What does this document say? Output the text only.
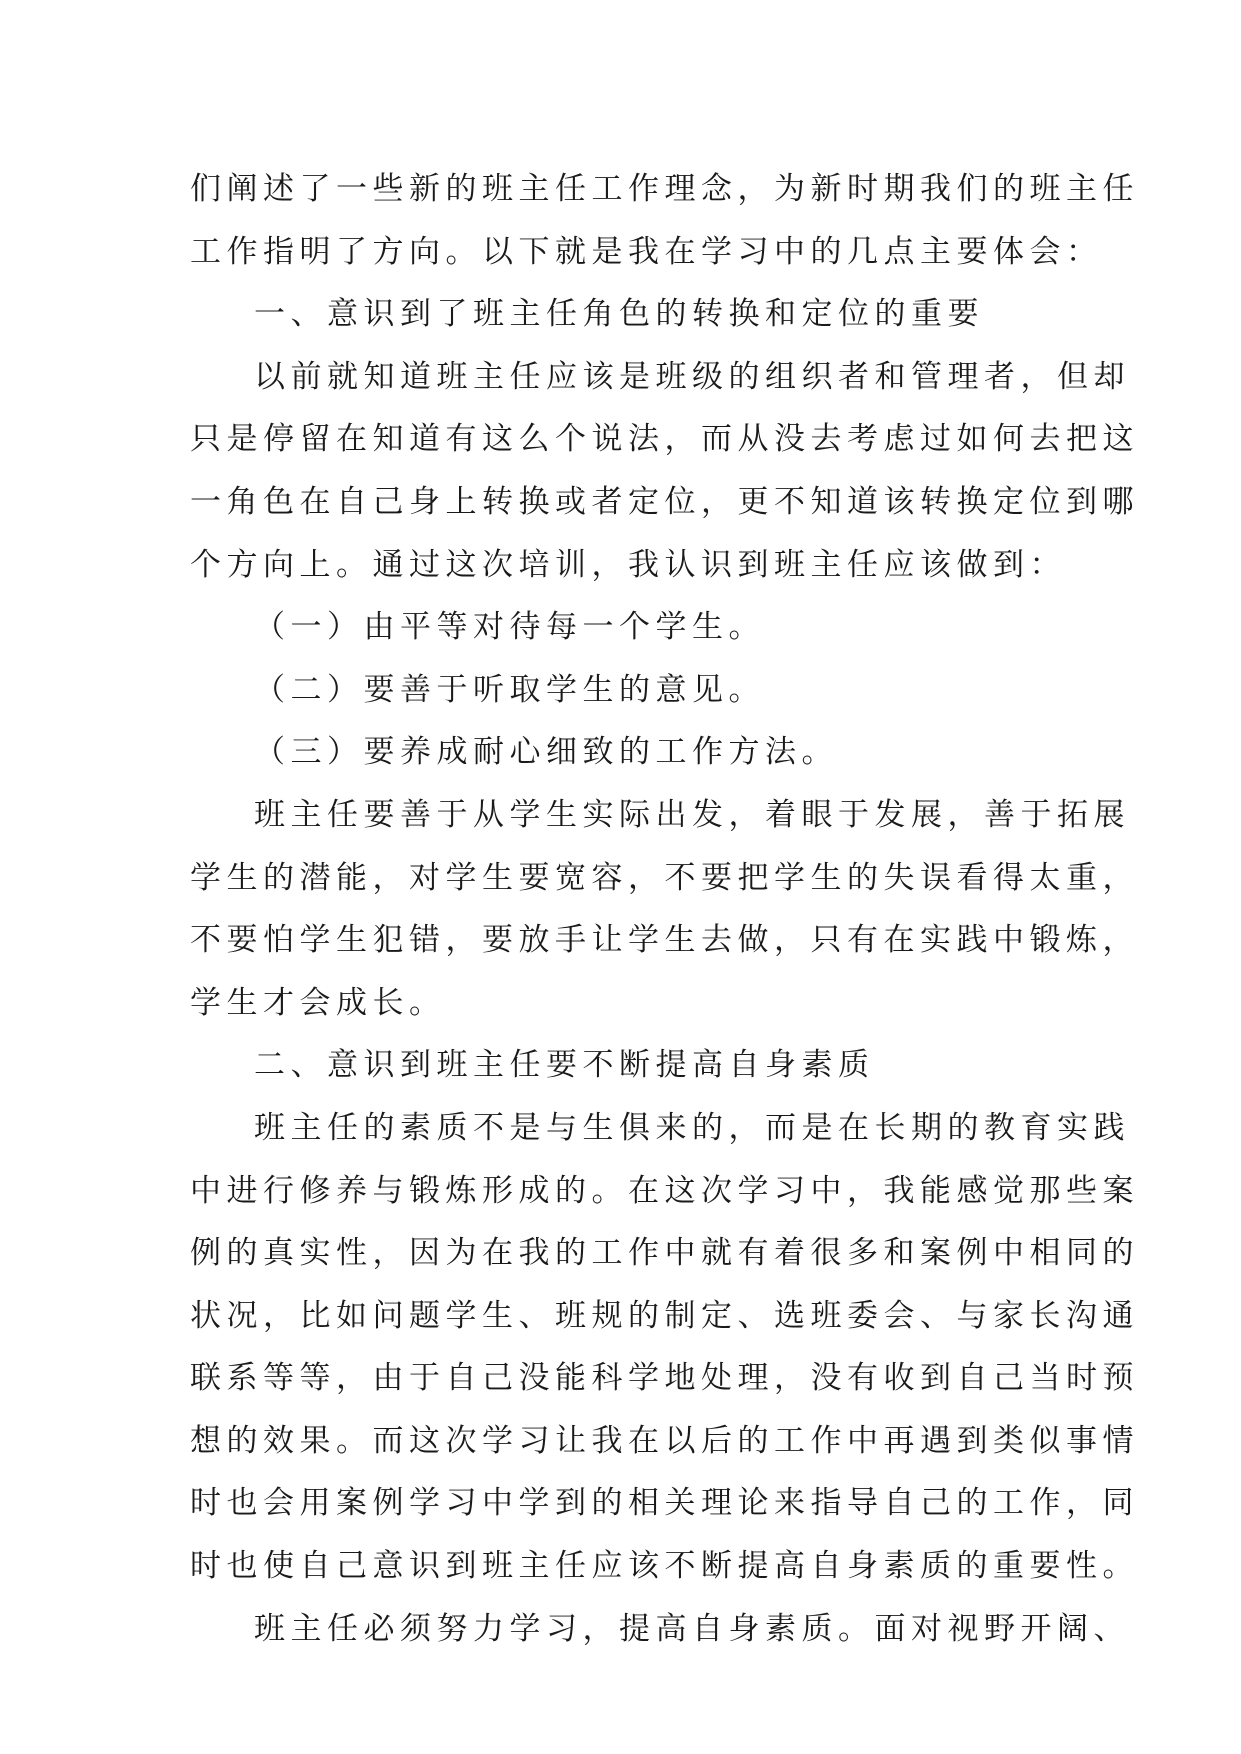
们阐述了一些新的班主任工作理念，为新时期我们的班主任
工作指明了方向。以下就是我在学习中的几点主要体会：
一、意识到了班主任角色的转换和定位的重要
以前就知道班主任应该是班级的组织者和管理者，但却
只是停留在知道有这么个说法，而从没去考虑过如何去把这
一角色在自己身上转换或者定位，更不知道该转换定位到哪
个方向上。通过这次培训，我认识到班主任应该做到：
（一）由平等对待每一个学生。
（二）要善于听取学生的意见。
（三）要养成耐心细致的工作方法。
班主任要善于从学生实际出发，着眼于发展，善于拓展
学生的潜能，对学生要宽容，不要把学生的失误看得太重，
不要怕学生犯错，要放手让学生去做，只有在实践中锻炼，
学生才会成长。
二、意识到班主任要不断提高自身素质
班主任的素质不是与生俱来的，而是在长期的教育实践
中进行修养与锻炼形成的。在这次学习中，我能感觉那些案
例的真实性，因为在我的工作中就有着很多和案例中相同的
状况，比如问题学生、班规的制定、选班委会、与家长沟通
联系等等，由于自己没能科学地处理，没有收到自己当时预
想的效果。而这次学习让我在以后的工作中再遇到类似事情
时也会用案例学习中学到的相关理论来指导自己的工作，同
时也使自己意识到班主任应该不断提高自身素质的重要性。
班主任必须努力学习，提高自身素质。面对视野开阔、
